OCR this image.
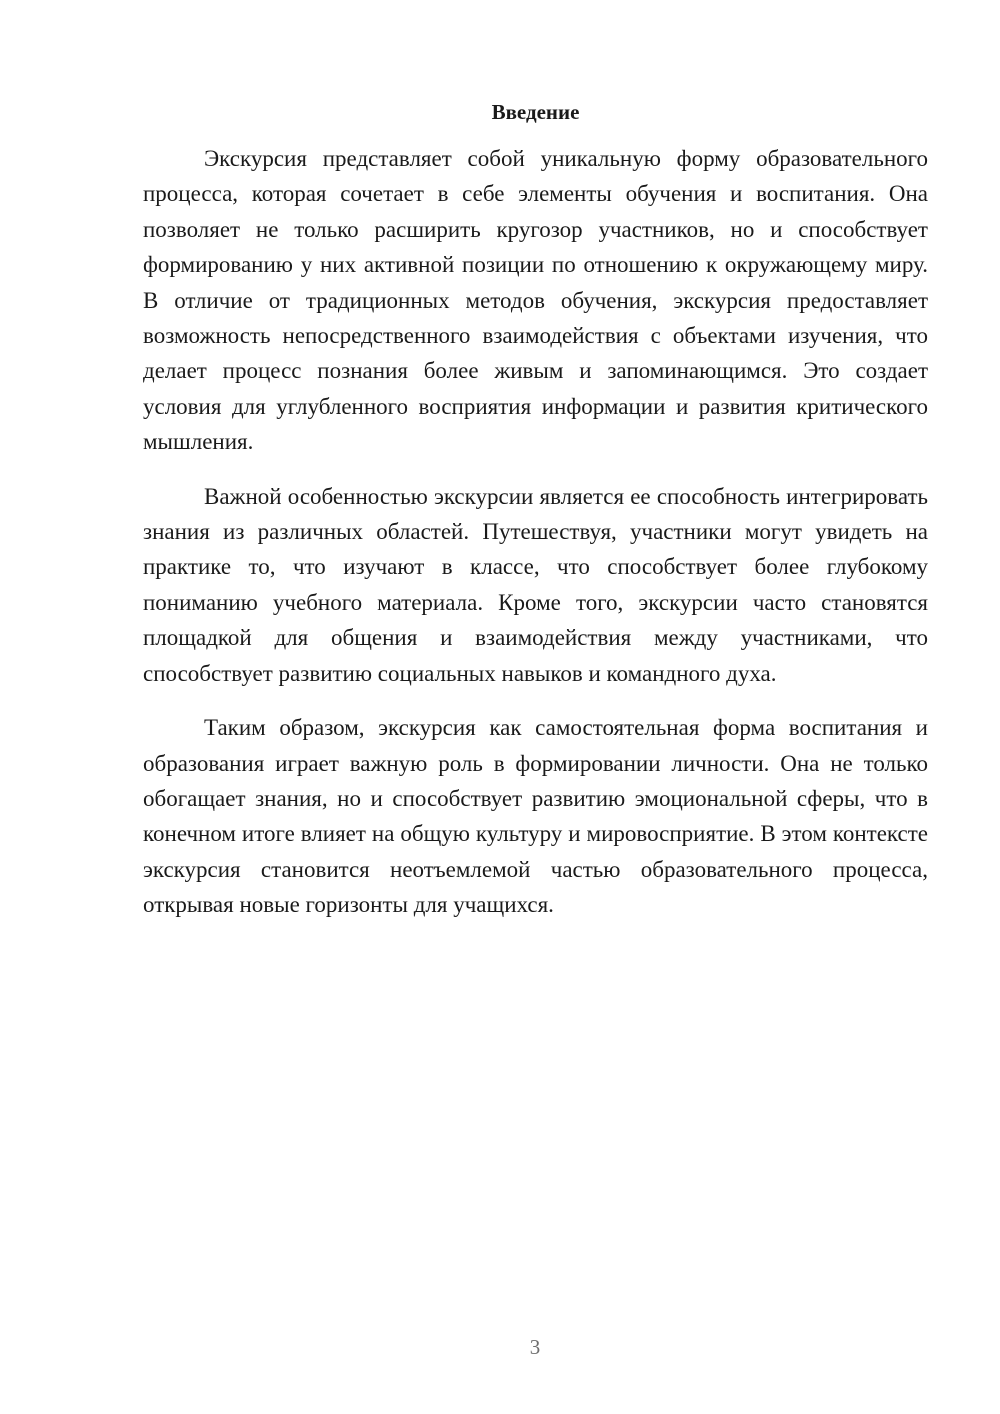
Введение

Экскурсия представляет собой уникальную форму образовательного процесса, которая сочетает в себе элементы обучения и воспитания. Она позволяет не только расширить кругозор участников, но и способствует формированию у них активной позиции по отношению к окружающему миру. В отличие от традиционных методов обучения, экскурсия предоставляет возможность непосредственного взаимодействия с объектами изучения, что делает процесс познания более живым и запоминающимся. Это создает условия для углубленного восприятия информации и развития критического мышления.

Важной особенностью экскурсии является ее способность интегрировать знания из различных областей. Путешествуя, участники могут увидеть на практике то, что изучают в классе, что способствует более глубокому пониманию учебного материала. Кроме того, экскурсии часто становятся площадкой для общения и взаимодействия между участниками, что способствует развитию социальных навыков и командного духа.

Таким образом, экскурсия как самостоятельная форма воспитания и образования играет важную роль в формировании личности. Она не только обогащает знания, но и способствует развитию эмоциональной сферы, что в конечном итоге влияет на общую культуру и мировосприятие. В этом контексте экскурсия становится неотъемлемой частью образовательного процесса, открывая новые горизонты для учащихся.

3
